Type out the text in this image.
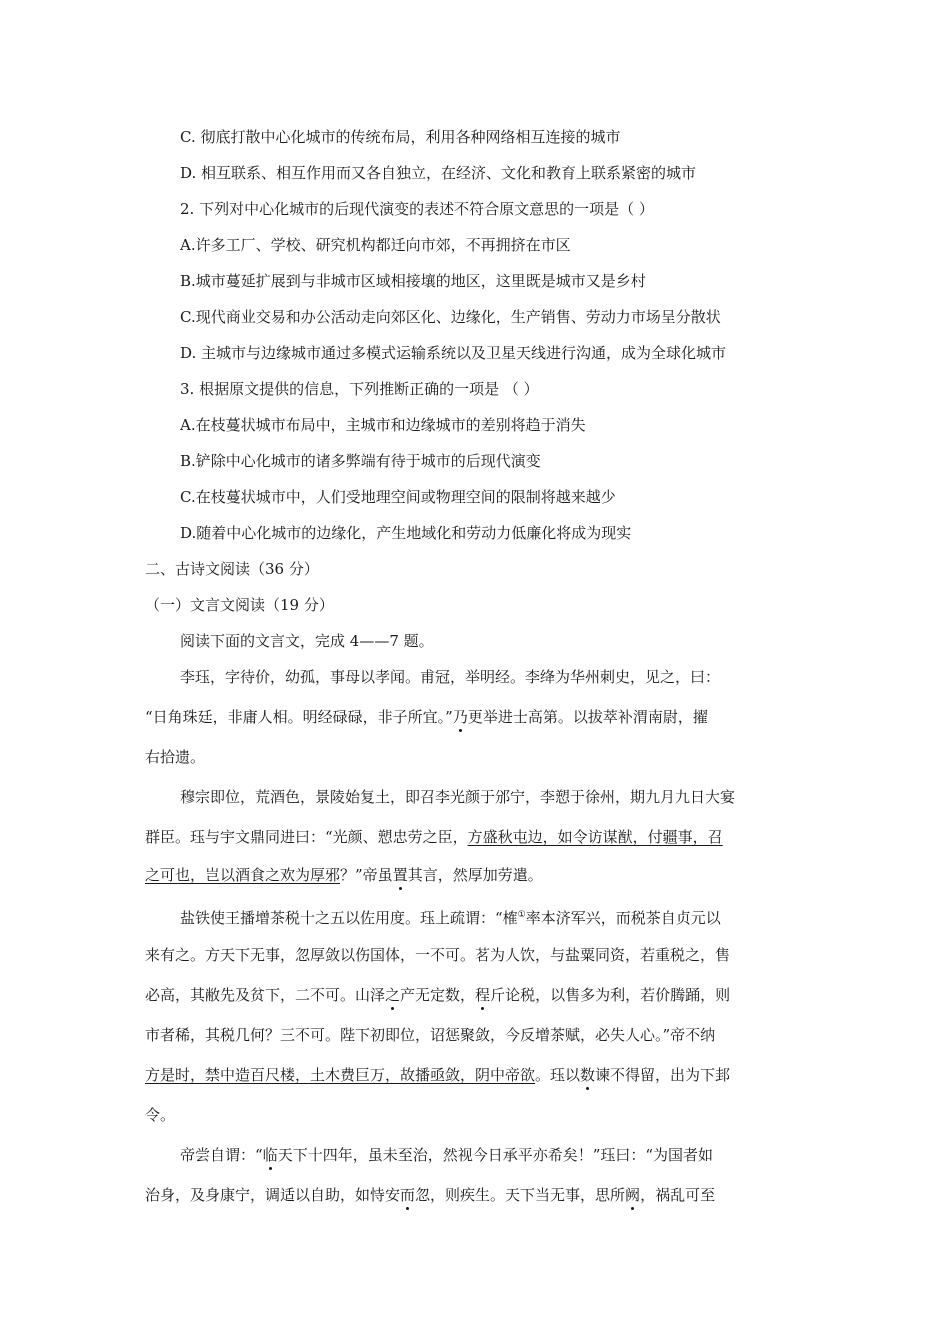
C. 彻底打散中心化城市的传统布局，利用各种网络相互连接的城市
D. 相互联系、相互作用而又各自独立，在经济、文化和教育上联系紧密的城市
2. 下列对中心化城市的后现代演变的表述不符合原文意思的一项是（ ）
A.许多工厂、学校、研究机构都迁向市郊，不再拥挤在市区
B.城市蔓延扩展到与非城市区域相接壤的地区，这里既是城市又是乡村
C.现代商业交易和办公活动走向郊区化、边缘化，生产销售、劳动力市场呈分散状
D. 主城市与边缘城市通过多模式运输系统以及卫星天线进行沟通，成为全球化城市
3. 根据原文提供的信息，下列推断正确的一项是 （ ）
A.在枝蔓状城市布局中，主城市和边缘城市的差别将趋于消失
B.铲除中心化城市的诸多弊端有待于城市的后现代演变
C.在枝蔓状城市中，人们受地理空间或物理空间的限制将越来越少
D.随着中心化城市的边缘化，产生地域化和劳动力低廉化将成为现实
二、古诗文阅读（36 分）
（一）文言文阅读（19 分）
阅读下面的文言文，完成 4——7 题。
李珏，字待价，幼孤，事母以孝闻。甫冠，举明经。李绛为华州刺史，见之，曰：
“日角珠廷，非庸人相。明经碌碌，非子所宜。”乃更举进士高第。以拔萃补渭南尉，擢
右拾遗。
穆宗即位，荒酒色，景陵始复土，即召李光颜于邠宁，李愬于徐州，期九月九日大宴
群臣。珏与宇文鼎同进曰：“光颜、愬忠劳之臣，方盛秋屯边，如令访谋猷，付疆事，召
之可也，岂以酒食之欢为厚邪？”帝虽置其言，然厚加劳遣。
盐铁使王播增茶税十之五以佐用度。珏上疏谓：“榷①率本济军兴，而税茶自贞元以
来有之。方天下无事，忽厚敛以伤国体，一不可。茗为人饮，与盐粟同资，若重税之，售
必高，其敝先及贫下，二不可。山泽之产无定数，程斤论税，以售多为利，若价腾踊，则
市者稀，其税几何？三不可。陛下初即位，诏惩聚敛，今反增茶赋，必失人心。”帝不纳
方是时，禁中造百尺楼，土木费巨万，故播亟敛，阴中帝欲。珏以数谏不得留，出为下邽
令。
帝尝自谓：“临天下十四年，虽未至治，然视今日承平亦希矣！”珏曰：“为国者如
治身，及身康宁，调适以自助，如恃安而忽，则疾生。天下当无事，思所阙，祸乱可至
